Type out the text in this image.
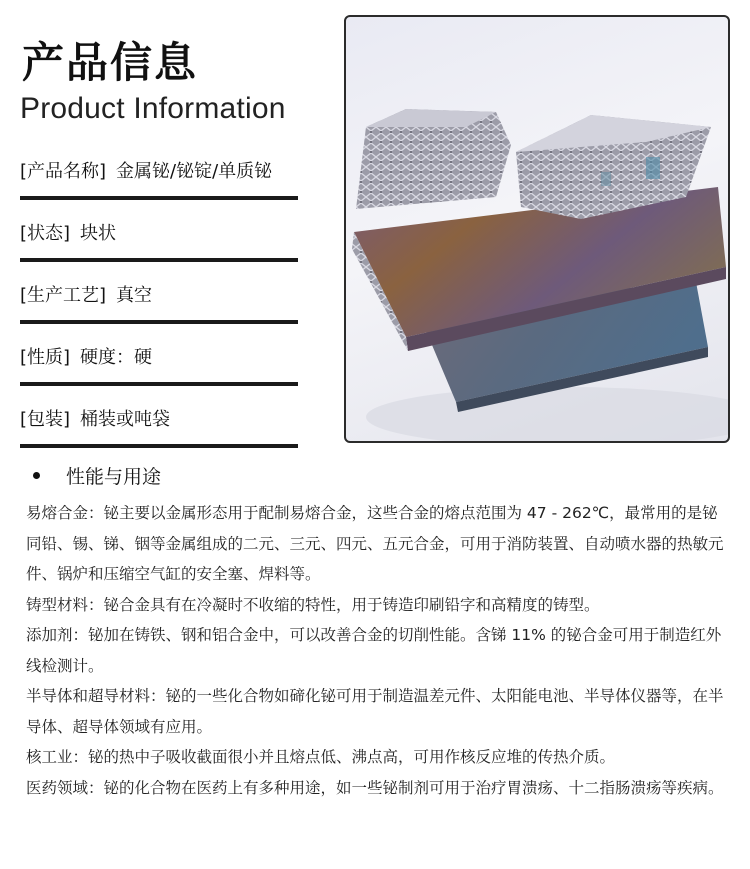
产品信息
Product Information
[产品名称] 金属铋/铋锭/单质铋
[状态] 块状
[生产工艺] 真空
[性质] 硬度：硬
[包装] 桶装或吨袋
性能与用途

易熔合金：铋主要以金属形态用于配制易熔合金，这些合金的熔点范围为 47 - 262℃，最常用的是铋同铅、锡、锑、铟等金属组成的二元、三元、四元、五元合金，可用于消防装置、自动喷水器的热敏元件、锅炉和压缩空气缸的安全塞、焊料等。

铸型材料：铋合金具有在冷凝时不收缩的特性，用于铸造印刷铅字和高精度的铸型。

添加剂：铋加在铸铁、钢和铝合金中，可以改善合金的切削性能。含锑 11% 的铋合金可用于制造红外线检测计。

半导体和超导材料：铋的一些化合物如碲化铋可用于制造温差元件、太阳能电池、半导体仪器等，在半导体、超导体领域有应用。

核工业：铋的热中子吸收截面很小并且熔点低、沸点高，可用作核反应堆的传热介质。

医药领域：铋的化合物在医药上有多种用途，如一些铋制剂可用于治疗胃溃疡、十二指肠溃疡等疾病。
